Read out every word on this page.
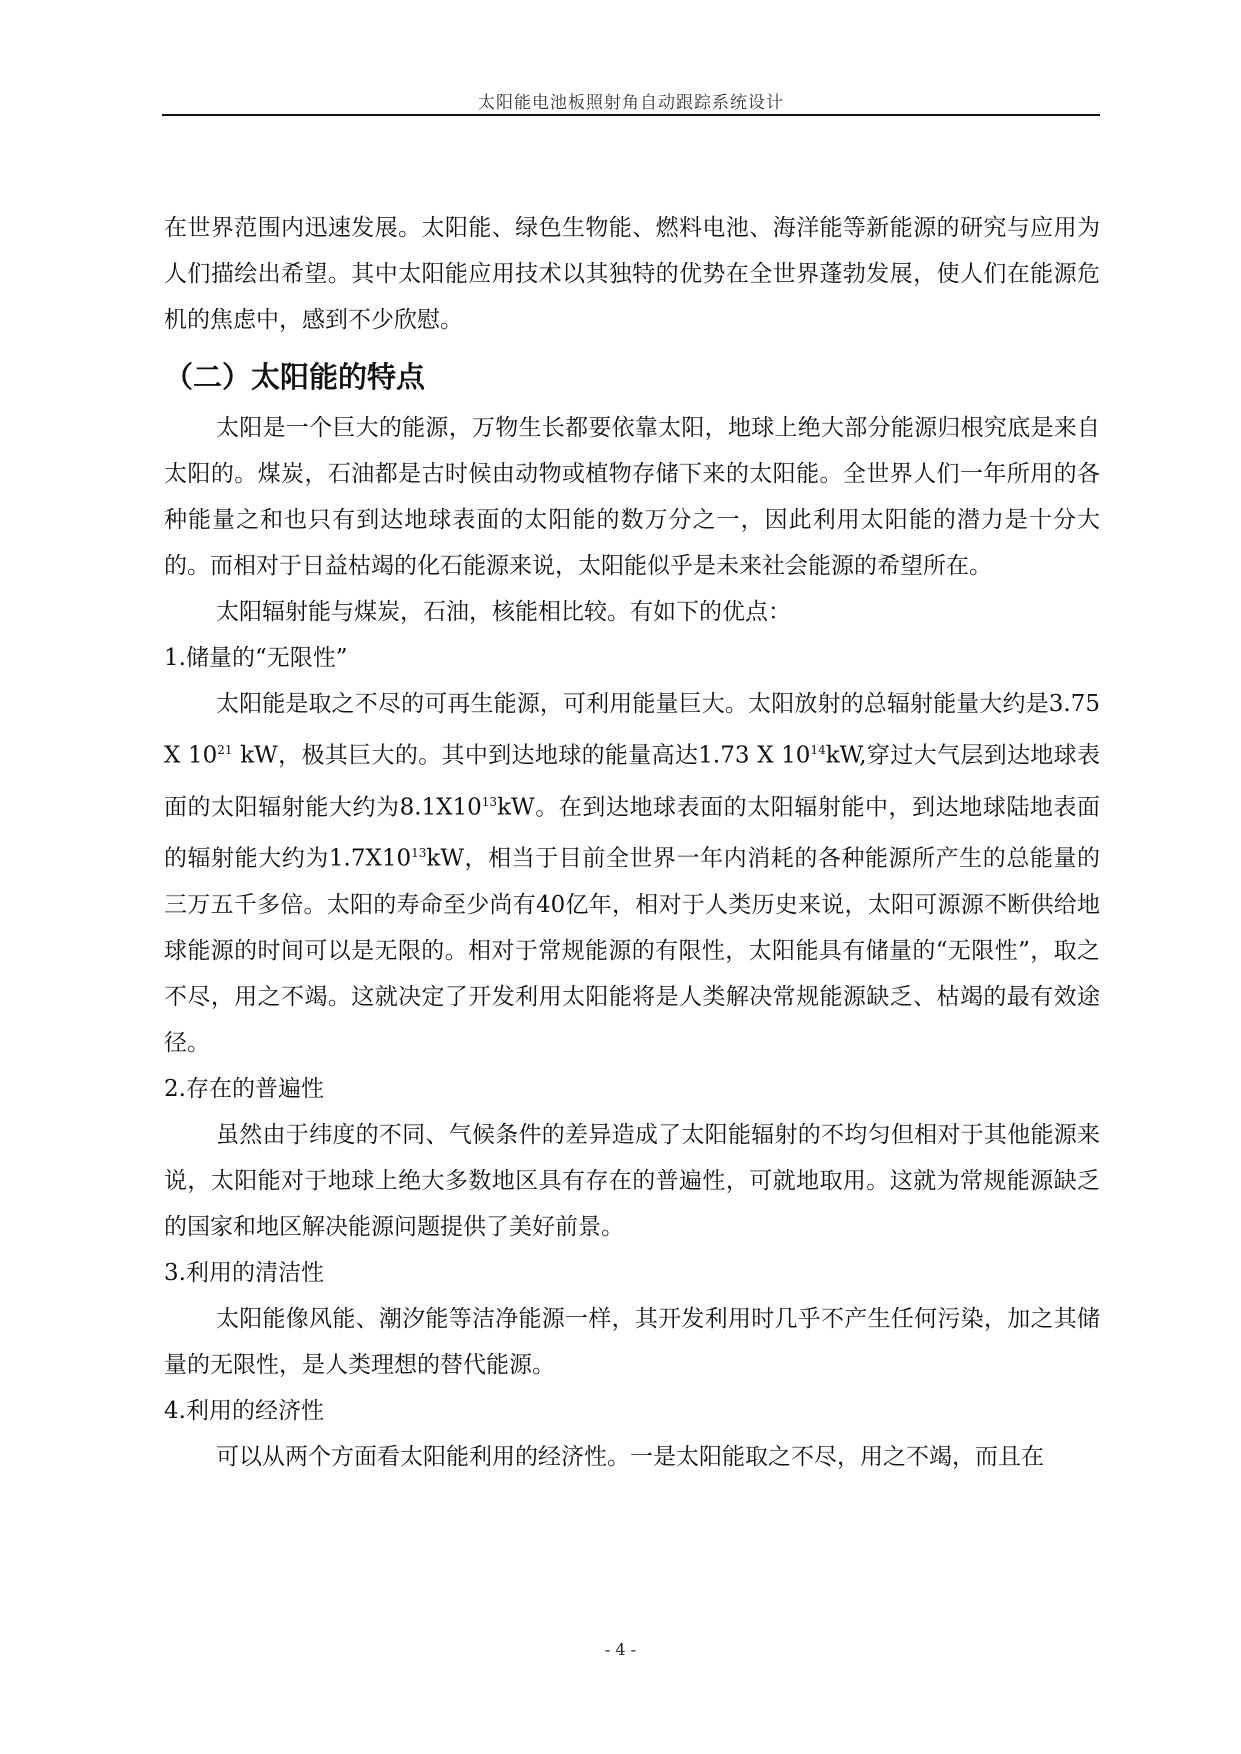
太阳能电池板照射角自动跟踪系统设计

在世界范围内迅速发展。太阳能、绿色生物能、燃料电池、海洋能等新能源的研究与应用为人们描绘出希望。其中太阳能应用技术以其独特的优势在全世界蓬勃发展，使人们在能源危机的焦虑中，感到不少欣慰。

（二）太阳能的特点

太阳是一个巨大的能源，万物生长都要依靠太阳，地球上绝大部分能源归根究底是来自太阳的。煤炭，石油都是古时候由动物或植物存储下来的太阳能。全世界人们一年所用的各种能量之和也只有到达地球表面的太阳能的数万分之一，因此利用太阳能的潜力是十分大的。而相对于日益枯竭的化石能源来说，太阳能似乎是未来社会能源的希望所在。

太阳辐射能与煤炭，石油，核能相比较。有如下的优点：

1.储量的“无限性”

太阳能是取之不尽的可再生能源，可利用能量巨大。太阳放射的总辐射能量大约是3.75 X $10^{21}$ kW，极其巨大的。其中到达地球的能量高达1.73 X $10^{14}kW$,穿过大气层到达地球表面的太阳辐射能大约为$8.1X10^{13}kW$。在到达地球表面的太阳辐射能中，到达地球陆地表面的辐射能大约为$1.7X10^{13}kW$，相当于目前全世界一年内消耗的各种能源所产生的总能量的三万五千多倍。太阳的寿命至少尚有40亿年，相对于人类历史来说，太阳可源源不断供给地球能源的时间可以是无限的。相对于常规能源的有限性，太阳能具有储量的“无限性”，取之不尽，用之不竭。这就决定了开发利用太阳能将是人类解决常规能源缺乏、枯竭的最有效途径。

2.存在的普遍性

虽然由于纬度的不同、气候条件的差异造成了太阳能辐射的不均匀但相对于其他能源来说，太阳能对于地球上绝大多数地区具有存在的普遍性，可就地取用。这就为常规能源缺乏的国家和地区解决能源问题提供了美好前景。

3.利用的清洁性

太阳能像风能、潮汐能等洁净能源一样，其开发利用时几乎不产生任何污染，加之其储量的无限性，是人类理想的替代能源。

4.利用的经济性

可以从两个方面看太阳能利用的经济性。一是太阳能取之不尽，用之不竭，而且在

- 4 -
